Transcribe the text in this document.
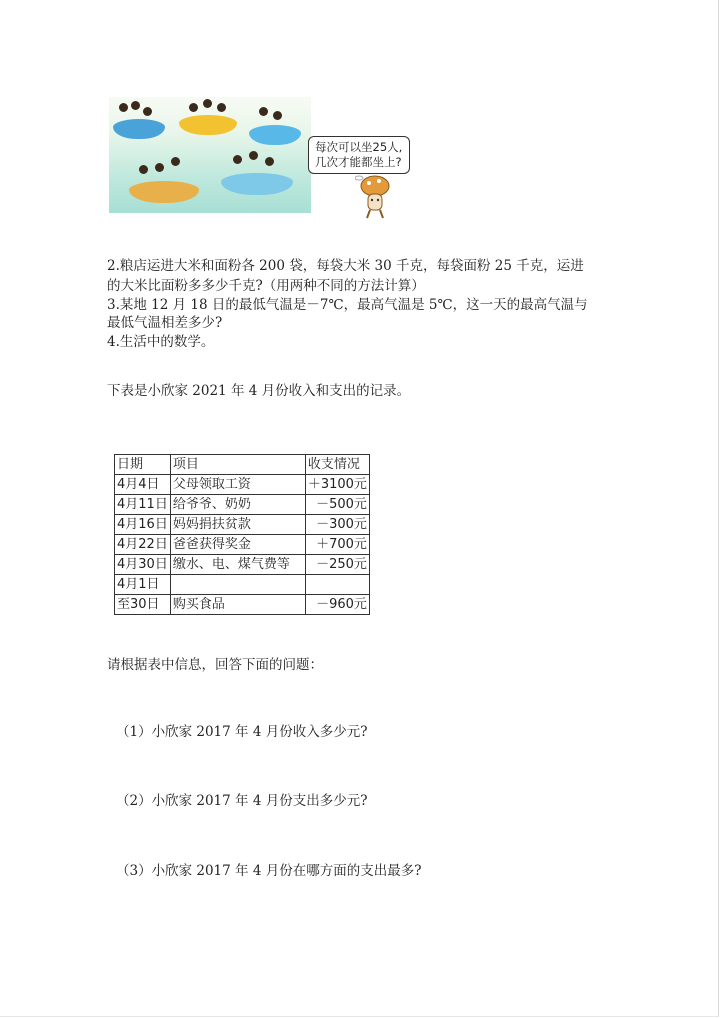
每次可以坐25人,
几次才能都坐上?
2.粮店运进大米和面粉各 200 袋，每袋大米 30 千克，每袋面粉 25 千克，运进
的大米比面粉多多少千克?（用两种不同的方法计算）
3.某地 12 月 18 日的最低气温是－7℃，最高气温是 5℃，这一天的最高气温与
最低气温相差多少?
4.生活中的数学。
下表是小欣家 2021 年 4 月份收入和支出的记录。
日期	项目	收支情况
4月4日	父母领取工资	＋3100元
4月11日	给爷爷、奶奶	－500元
4月16日	妈妈捐扶贫款	－300元
4月22日	爸爸获得奖金	＋700元
4月30日	缴水、电、煤气费等	－250元
4月1日		
至30日	购买食品	－960元
请根据表中信息，回答下面的问题：
（1）小欣家 2017 年 4 月份收入多少元?
（2）小欣家 2017 年 4 月份支出多少元?
（3）小欣家 2017 年 4 月份在哪方面的支出最多?
